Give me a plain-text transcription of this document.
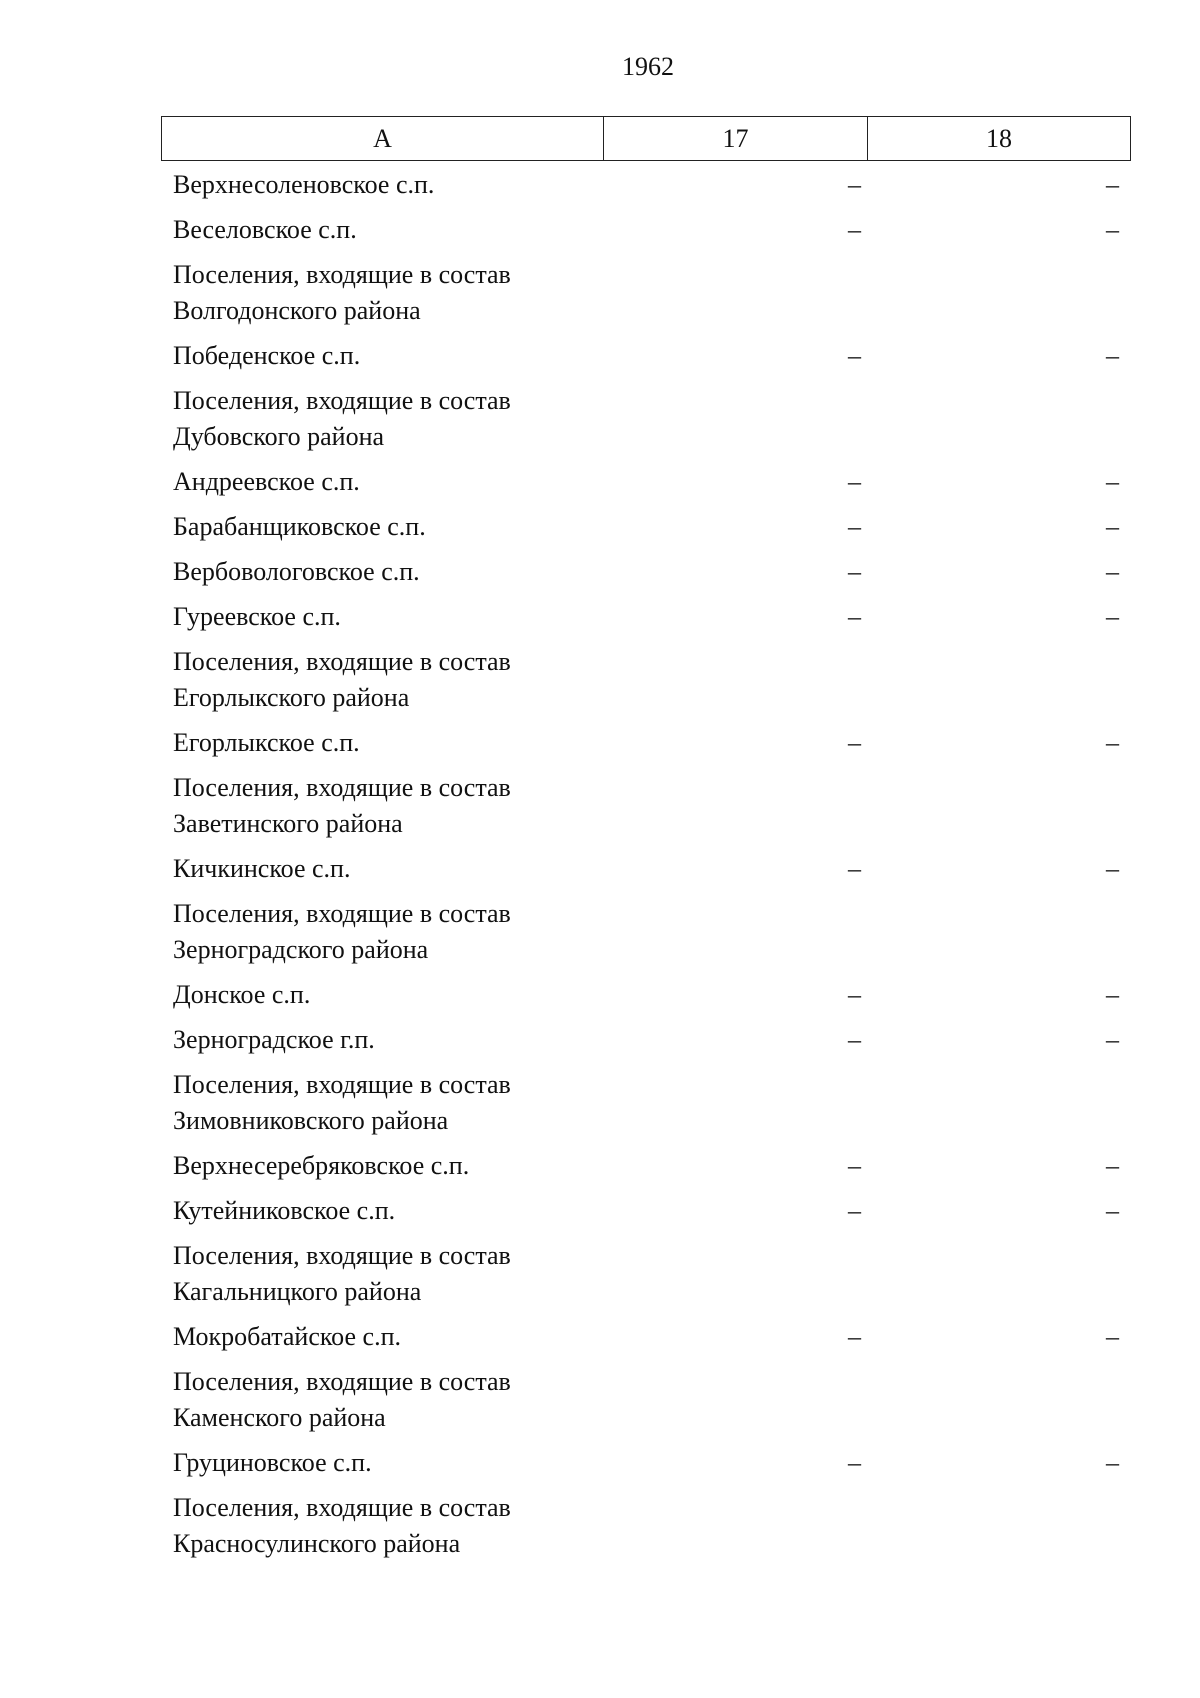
1962
А	17	18
Верхнесоленовское с.п.	–	–
Веселовское с.п.	–	–
Поселения, входящие в состав
Волгодонского района
Победенское с.п.	–	–
Поселения, входящие в состав
Дубовского района
Андреевское с.п.	–	–
Барабанщиковское с.п.	–	–
Вербовологовское с.п.	–	–
Гуреевское с.п.	–	–
Поселения, входящие в состав
Егорлыкского района
Егорлыкское с.п.	–	–
Поселения, входящие в состав
Заветинского района
Кичкинское с.п.	–	–
Поселения, входящие в состав
Зерноградского района
Донское с.п.	–	–
Зерноградское г.п.	–	–
Поселения, входящие в состав
Зимовниковского района
Верхнесеребряковское с.п.	–	–
Кутейниковское с.п.	–	–
Поселения, входящие в состав
Кагальницкого района
Мокробатайское с.п.	–	–
Поселения, входящие в состав
Каменского района
Груциновское с.п.	–	–
Поселения, входящие в состав
Красносулинского района
